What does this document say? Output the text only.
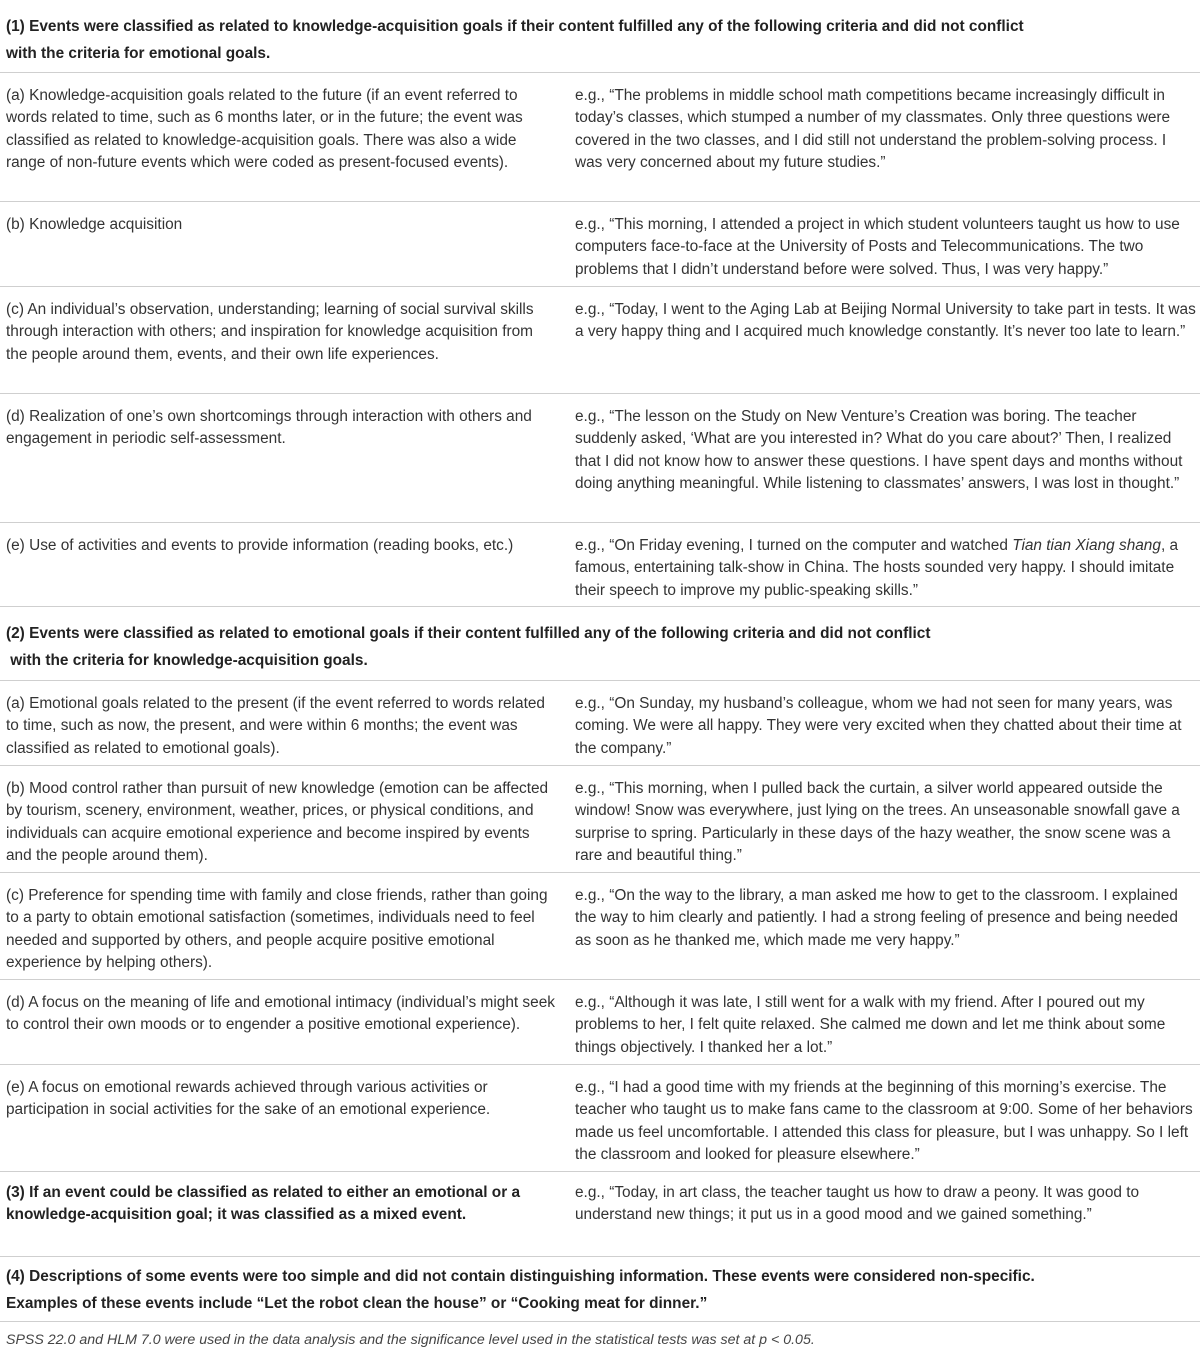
(1) Events were classified as related to knowledge-acquisition goals if their content fulfilled any of the following criteria and did not conflict
with the criteria for emotional goals.
(a) Knowledge-acquisition goals related to the future (if an event referred to words related to time, such as 6 months later, or in the future; the event was classified as related to knowledge-acquisition goals. There was also a wide range of non-future events which were coded as present-focused events).
e.g., “The problems in middle school math competitions became increasingly difficult in today’s classes, which stumped a number of my classmates. Only three questions were covered in the two classes, and I did still not understand the problem-solving process. I was very concerned about my future studies.”
(b) Knowledge acquisition	e.g., “This morning, I attended a project in which student volunteers taught us how to use computers face-to-face at the University of Posts and Telecommunications. The two problems that I didn’t understand before were solved. Thus, I was very happy.”
(c) An individual’s observation, understanding; learning of social survival skills through interaction with others; and inspiration for knowledge acquisition from the people around them, events, and their own life experiences.
e.g., “Today, I went to the Aging Lab at Beijing Normal University to take part in tests. It was a very happy thing and I acquired much knowledge constantly. It’s never too late to learn.”
(d) Realization of one’s own shortcomings through interaction with others and engagement in periodic self-assessment.
e.g., “The lesson on the Study on New Venture’s Creation was boring. The teacher suddenly asked, ‘What are you interested in? What do you care about?’ Then, I realized that I did not know how to answer these questions. I have spent days and months without doing anything meaningful. While listening to classmates’ answers, I was lost in thought.”
(e) Use of activities and events to provide information (reading books, etc.)	e.g., “On Friday evening, I turned on the computer and watched Tian tian Xiang shang, a famous, entertaining talk-show in China. The hosts sounded very happy. I should imitate their speech to improve my public-speaking skills.”
(2) Events were classified as related to emotional goals if their content fulfilled any of the following criteria and did not conflict
with the criteria for knowledge-acquisition goals.
(a) Emotional goals related to the present (if the event referred to words related to time, such as now, the present, and were within 6 months; the event was classified as related to emotional goals).
e.g., “On Sunday, my husband’s colleague, whom we had not seen for many years, was coming. We were all happy. They were very excited when they chatted about their time at the company.”
(b) Mood control rather than pursuit of new knowledge (emotion can be affected by tourism, scenery, environment, weather, prices, or physical conditions, and individuals can acquire emotional experience and become inspired by events and the people around them).
e.g., “This morning, when I pulled back the curtain, a silver world appeared outside the window! Snow was everywhere, just lying on the trees. An unseasonable snowfall gave a surprise to spring. Particularly in these days of the hazy weather, the snow scene was a rare and beautiful thing.”
(c) Preference for spending time with family and close friends, rather than going to a party to obtain emotional satisfaction (sometimes, individuals need to feel needed and supported by others, and people acquire positive emotional experience by helping others).
e.g., “On the way to the library, a man asked me how to get to the classroom. I explained the way to him clearly and patiently. I had a strong feeling of presence and being needed as soon as he thanked me, which made me very happy.”
(d) A focus on the meaning of life and emotional intimacy (individual’s might seek to control their own moods or to engender a positive emotional experience).
e.g., “Although it was late, I still went for a walk with my friend. After I poured out my problems to her, I felt quite relaxed. She calmed me down and let me think about some things objectively. I thanked her a lot.”
(e) A focus on emotional rewards achieved through various activities or participation in social activities for the sake of an emotional experience.
e.g., “I had a good time with my friends at the beginning of this morning’s exercise. The teacher who taught us to make fans came to the classroom at 9:00. Some of her behaviors made us feel uncomfortable. I attended this class for pleasure, but I was unhappy. So I left the classroom and looked for pleasure elsewhere.”
(3) If an event could be classified as related to either an emotional or a knowledge-acquisition goal; it was classified as a mixed event.
e.g., “Today, in art class, the teacher taught us how to draw a peony. It was good to understand new things; it put us in a good mood and we gained something.”
(4) Descriptions of some events were too simple and did not contain distinguishing information. These events were considered non-specific.
Examples of these events include “Let the robot clean the house” or “Cooking meat for dinner.”
SPSS 22.0 and HLM 7.0 were used in the data analysis and the significance level used in the statistical tests was set at p < 0.05.
